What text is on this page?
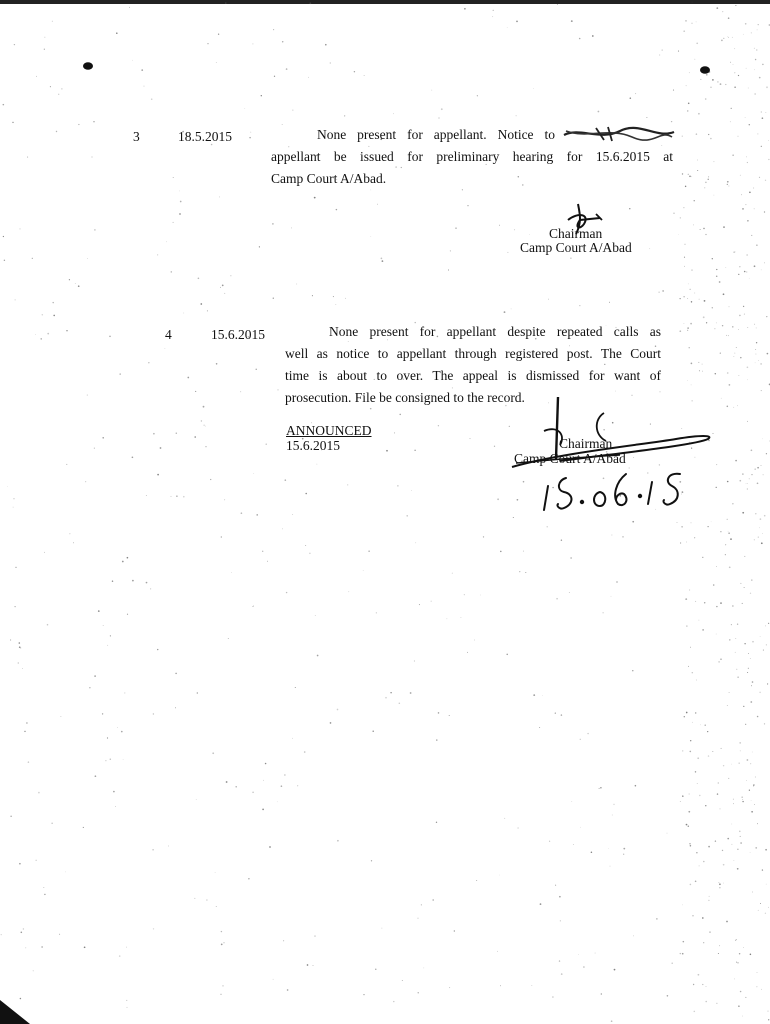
3	18.5.2015	None present for appellant. Notice to
appellant be issued for preliminary hearing for 15.6.2015 at
Camp Court A/Abad.
Chairman
Camp Court A/Abad
4	15.6.2015	None present for appellant despite repeated calls as
well as notice to appellant through registered post. The Court
time is about to over. The appeal is dismissed for want of
prosecution. File be consigned to the record.
ANNOUNCED
15.6.2015	Chairman
Camp Court A/Abad
